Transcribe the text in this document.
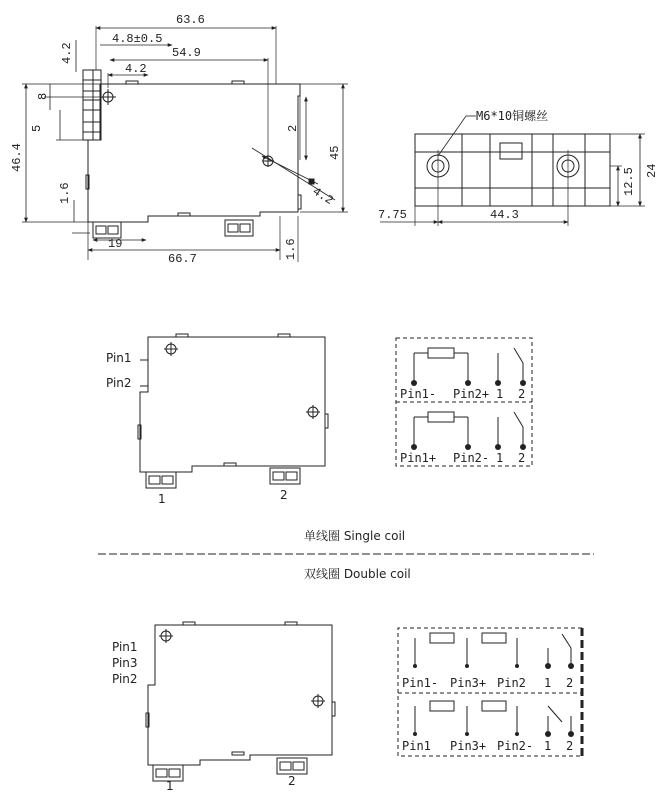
63.6
4.8±0.5
54.9
4.2
4.2
8
5
46.4
1.6
2
45
4.2
19
66.7	1.6
M6*10铜螺丝
7.75	44.3
12.5 24
Pin1
Pin2
1	2
Pin1- Pin2+ 1 2
Pin1+ Pin2- 1 2
单线圈 Single coil
双线圈 Double coil
Pin1
Pin3
Pin2
1	2
Pin1- Pin3+ Pin2 1 2
Pin1 Pin3+ Pin2- 1 2
